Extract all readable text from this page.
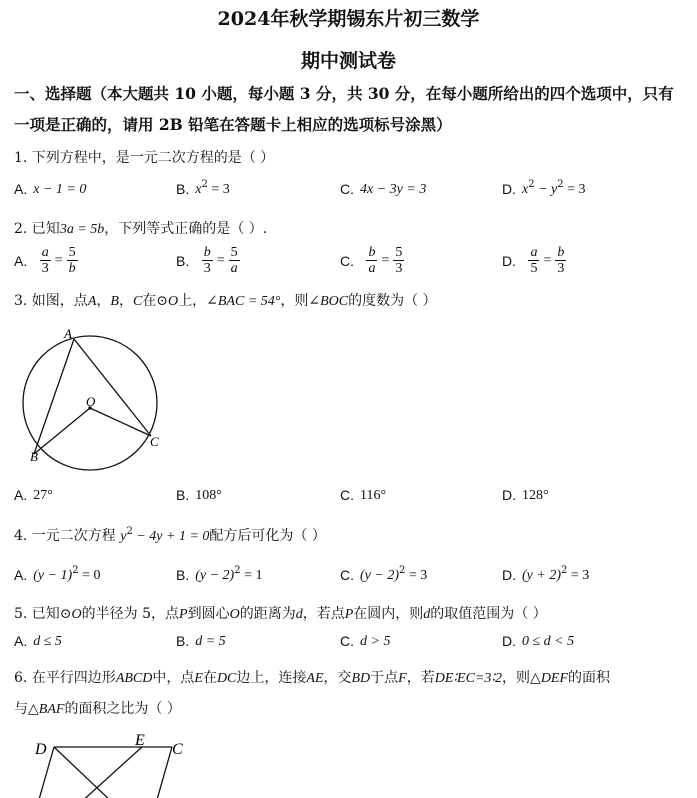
2024年秋学期锡东片初三数学
期中测试卷
一、选择题（本大题共 10 小题，每小题 3 分，共 30 分，在每小题所给出的四个选项中，只有
一项是正确的，请用 2B 铅笔在答题卡上相应的选项标号涂黑）
1. 下列方程中，是一元二次方程的是（ ）
A. x − 1 = 0	B. $x^2 = 3$	C. 4x − 3y = 3	D. $x^2 - y^2 = 3$
2. 已知3a = 5b，下列等式正确的是（ ）.
A. $\frac{a}{3} = \frac{5}{b}$	B. $\frac{b}{3} = \frac{5}{a}$	C. $\frac{b}{a} = \frac{5}{3}$	D. $\frac{a}{5} = \frac{b}{3}$
3. 如图，点A，B，C在⊙O上，∠BAC = 54°，则∠BOC的度数为（ ）
A
B
C
O
A. 27°	B. 108°	C. 116°	D. 128°
4. 一元二次方程 $y^2 - 4y + 1 = 0$配方后可化为（ ）
A. $(y - 1)^2 = 0$	B. $(y - 2)^2 = 1$	C. $(y - 2)^2 = 3$	D. $(y + 2)^2 = 3$
5. 已知⊙O的半径为 5，点P到圆心O的距离为d，若点P在圆内，则d的取值范围为（ ）
A. d ≤ 5	B. d = 5	C. d > 5	D. 0 ≤ d < 5
6. 在平行四边形ABCD中，点E在DC边上，连接AE，交BD于点F，若DE∶EC=3∶2，则△DEF的面积
与△BAF的面积之比为（ ）
D
E
C
